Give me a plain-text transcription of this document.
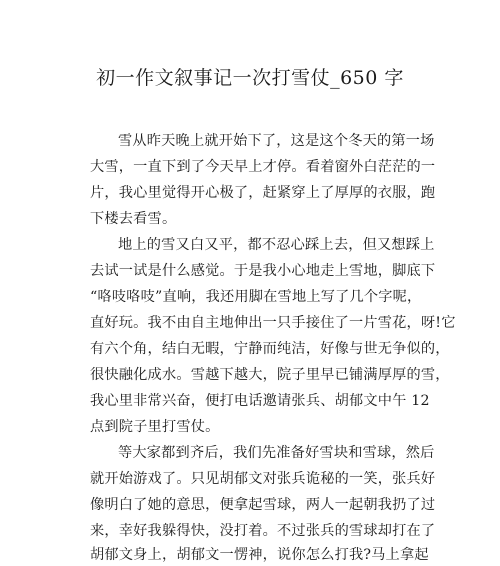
初一作文叙事记一次打雪仗_650 字
雪从昨天晚上就开始下了，这是这个冬天的第一场
大雪，一直下到了今天早上才停。看着窗外白茫茫的一
片，我心里觉得开心极了，赶紧穿上了厚厚的衣服，跑
下楼去看雪。
地上的雪又白又平，都不忍心踩上去，但又想踩上
去试一试是什么感觉。于是我小心地走上雪地，脚底下
“咯吱咯吱”直响，我还用脚在雪地上写了几个字呢，
直好玩。我不由自主地伸出一只手接住了一片雪花，呀!它
有六个角，结白无暇，宁静而纯洁，好像与世无争似的，
很快融化成水。雪越下越大，院子里早已铺满厚厚的雪，
我心里非常兴奋，便打电话邀请张兵、胡郁文中午 12
点到院子里打雪仗。
等大家都到齐后，我们先准备好雪块和雪球，然后
就开始游戏了。只见胡郁文对张兵诡秘的一笑，张兵好
像明白了她的意思，便拿起雪球，两人一起朝我扔了过
来，幸好我躲得快，没打着。不过张兵的雪球却打在了
胡郁文身上，胡郁文一愣神，说你怎么打我?马上拿起
